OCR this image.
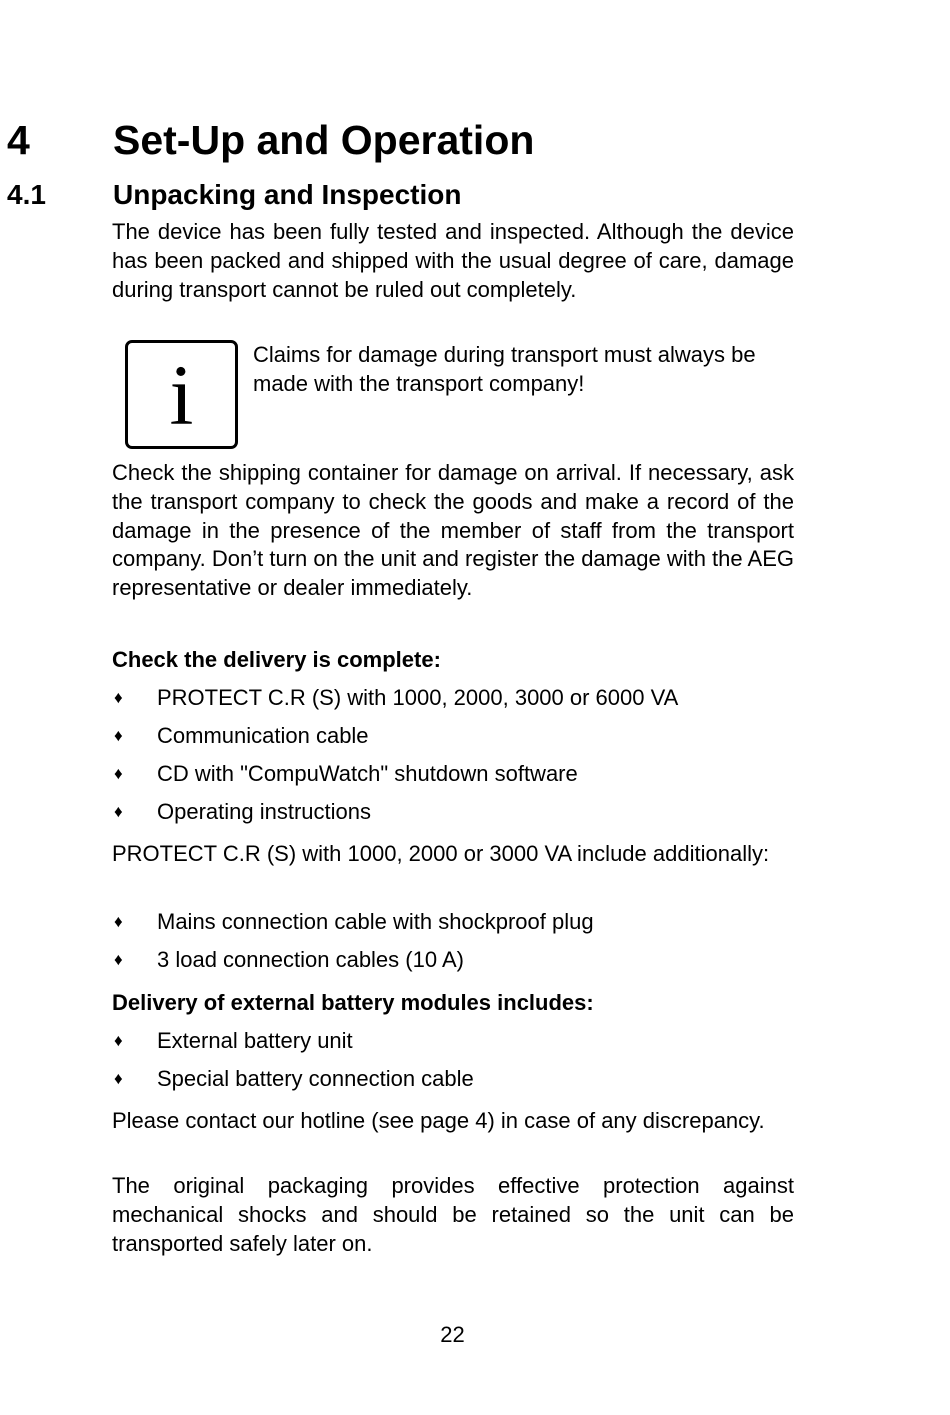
4 Set-Up and Operation
4.1 Unpacking and Inspection

The device has been fully tested and inspected. Although the device has been packed and shipped with the usual degree of care, damage during transport cannot be ruled out completely.

i	Claims for damage during transport must always be made with the transport company!

Check the shipping container for damage on arrival. If necessary, ask the transport company to check the goods and make a record of the damage in the presence of the member of staff from the transport company. Don’t turn on the unit and register the damage with the AEG representative or dealer immediately.

Check the delivery is complete:
♦ PROTECT C.R (S) with 1000, 2000, 3000 or 6000 VA
♦ Communication cable
♦ CD with "CompuWatch" shutdown software
♦ Operating instructions

PROTECT C.R (S) with 1000, 2000 or 3000 VA include additionally:

♦ Mains connection cable with shockproof plug
♦ 3 load connection cables (10 A)
Delivery of external battery modules includes:
♦ External battery unit
♦ Special battery connection cable

Please contact our hotline (see page 4) in case of any discrepancy.

The original packaging provides effective protection against mechanical shocks and should be retained so the unit can be transported safely later on.

22
